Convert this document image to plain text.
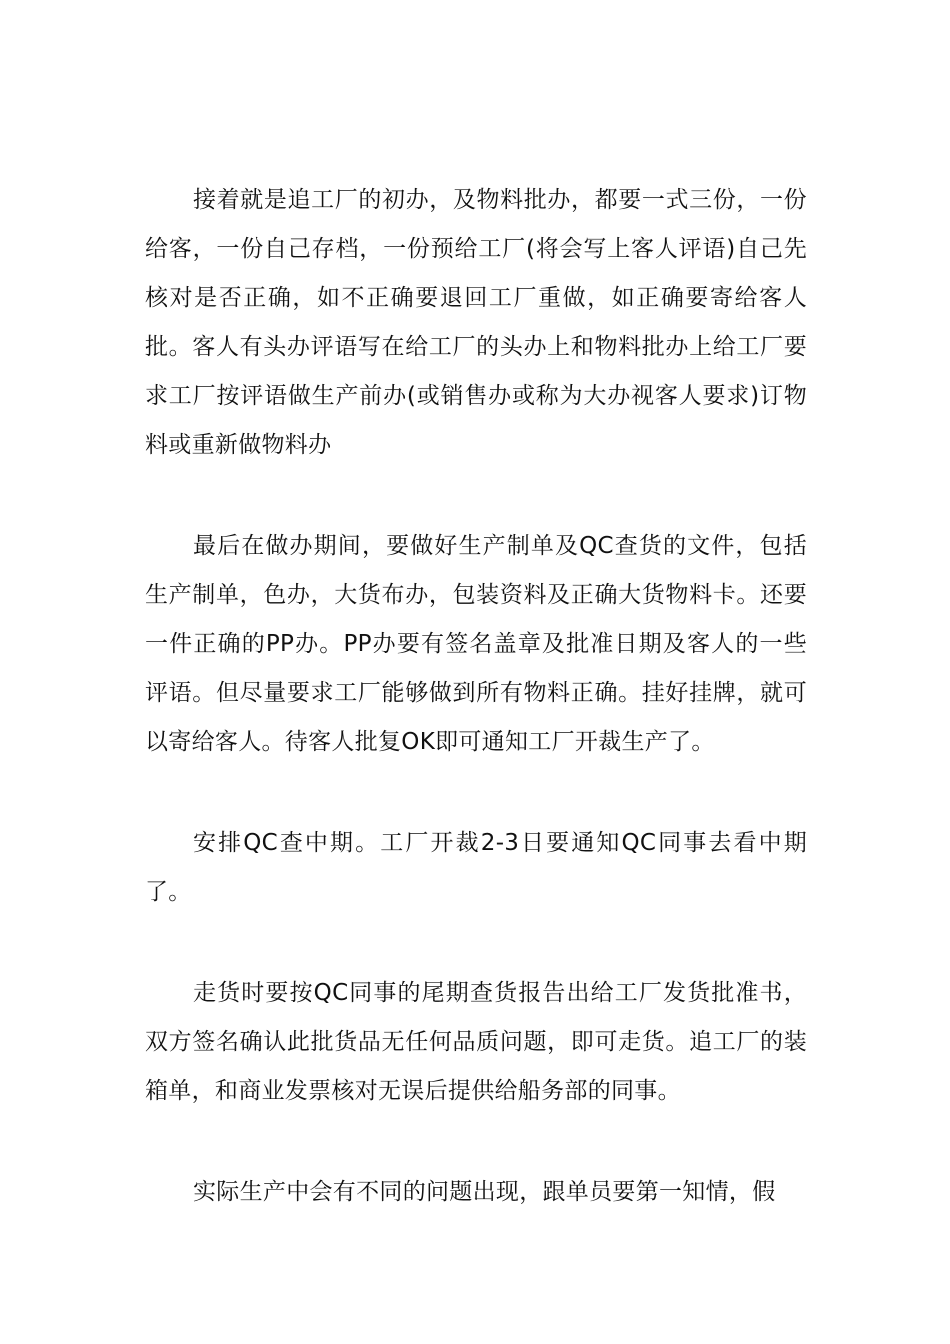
接着就是追工厂的初办，及物料批办，都要一式三份，一份给客，一份自己存档，一份预给工厂(将会写上客人评语)自己先核对是否正确，如不正确要退回工厂重做，如正确要寄给客人批。客人有头办评语写在给工厂的头办上和物料批办上给工厂要求工厂按评语做生产前办(或销售办或称为大办视客人要求)订物料或重新做物料办

最后在做办期间，要做好生产制单及QC查货的文件，包括生产制单，色办，大货布办，包装资料及正确大货物料卡。还要一件正确的PP办。PP办要有签名盖章及批准日期及客人的一些评语。但尽量要求工厂能够做到所有物料正确。挂好挂牌，就可以寄给客人。待客人批复OK即可通知工厂开裁生产了。

安排QC查中期。工厂开裁2-3日要通知QC同事去看中期了。

走货时要按QC同事的尾期查货报告出给工厂发货批准书，双方签名确认此批货品无任何品质问题，即可走货。追工厂的装箱单，和商业发票核对无误后提供给船务部的同事。

实际生产中会有不同的问题出现，跟单员要第一知情，假
